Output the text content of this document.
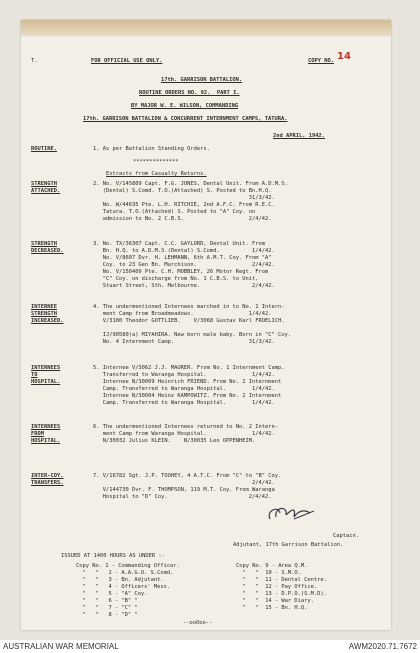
T.	FOR OFFICIAL USE ONLY.	COPY NO. 14
17th. GARRISON BATTALION.
ROUTINE ORDERS NO. 92.  PART I.
BY MAJOR W. E. WILSON, COMMANDING
17th. GARRISON BATTALION & CONCURRENT INTERNMENT CAMPS, TATURA.
2nd APRIL, 1942.
ROUTINE.	1. As per Battalion Standing Orders.
**************
Extracts from Casualty Returns.
STRENGTH
ATTACHED.
2. No. V/145809 Capt. F.G. JONES, Dental Unit. From A.D.M.S.
(Dental) S.Comd. T.O.(Attached) S. Posted to Bn.H.Q.
31/3/42.
No. W/44635 Pte. L.H. RITCHIE, 2nd A.F.C. From R.E.C.
Tatura. T.O.(Attached) S. Posted to "A" Coy. on
admission to No. 2 C.B.S.                    2/4/42.
STRENGTH
DECREASED.
3. No. TX/36307 Capt. C.C. GAYLORD, Dental Unit. From
Bn. H.Q. to A.D.M.S.(Dental) S.Comd.          1/4/42.
No. V/8607 Dvr. H. LEHMANN, 6th A.M.T. Coy. From "A"
Coy. to 23 Gen Bn. Murchison.                 2/4/42.
No. V/150409 Pte. C.H. MOBBLEY, 26 Motor Regt. From
"C" Coy. on discharge from No. 1 C.B.S. to Unit,
Stuart Street, Sth. Melbourne.                2/4/42.
INTERNEE
STRENGTH
INCREASED.
4. The undermentioned Internees marched in to No. 1 Intern-
ment Camp from Broadmeadows.                 1/4/42.
V/3180 Theodor GOTTLIEB.    V/3068 Gustav Karl FROELICH.
IJ/90580(a) MIYAHIRA. New born male baby. Born in "C" Coy.
No. 4 Internment Camp.                       31/3/42.
INTERNEES
TO
HOSPITAL.
5. Internee V/3062 J.J. MAURER. From No. 1 Internment Camp.
Transferred to Waranga Hospital.              1/4/42.
Internee N/30009 Heinrich FRIEND. From No. 2 Internment
Camp. Transferred to Waranga Hospital.        1/4/42.
Internee N/30004 Heinz KAMPOWITZ. From No. 2 Internment
Camp. Transferred to Waranga Hospital.        1/4/42.
INTERNEES
FROM
HOSPITAL.
6. The undermentioned Internees returned to No. 2 Intern-
ment Camp from Waranga Hospital.              1/4/42.
N/30032 Julius KLEIN.    N/30035 Leo OPPENHEIM.
INTER-COY.
TRANSFERS.
7. V/16782 Sgt. J.P. TOOHEY, 4 A.T.C. From "C" to "B" Coy.
2/4/42.
V/144730 Dvr. F. THOMPSON, 119 M.T. Coy. From Waranga
Hospital to "D" Coy.                         2/4/42.
Captain.
Adjutant, 17th Garrison Battalion.
ISSUED AT 1400 HOURS AS UNDER :-
Copy No. 1 - Commanding Officer.
"   "   2 - A.A.G.O. S.Comd.
"   "   3 - Bn. Adjutant.
"   "   4 - Officers' Mess.
"   "   5 - "A" Coy.
"   "   6 - "B" "
"   "   7 - "C" "
"   "   8 - "D" "
Copy No. 9 - Area Q.M.
"   "  10 - S.M.O.
"   "  11 - Dental Centre.
"   "  12 - Pay Office.
"   "  13 - D.P.O.(S.M.D).
"   "  14 - War Diary.
"   "  15 - Bn. H.Q.
--ooOoo--
AUSTRALIAN WAR MEMORIAL	AWM2020.71.7672
